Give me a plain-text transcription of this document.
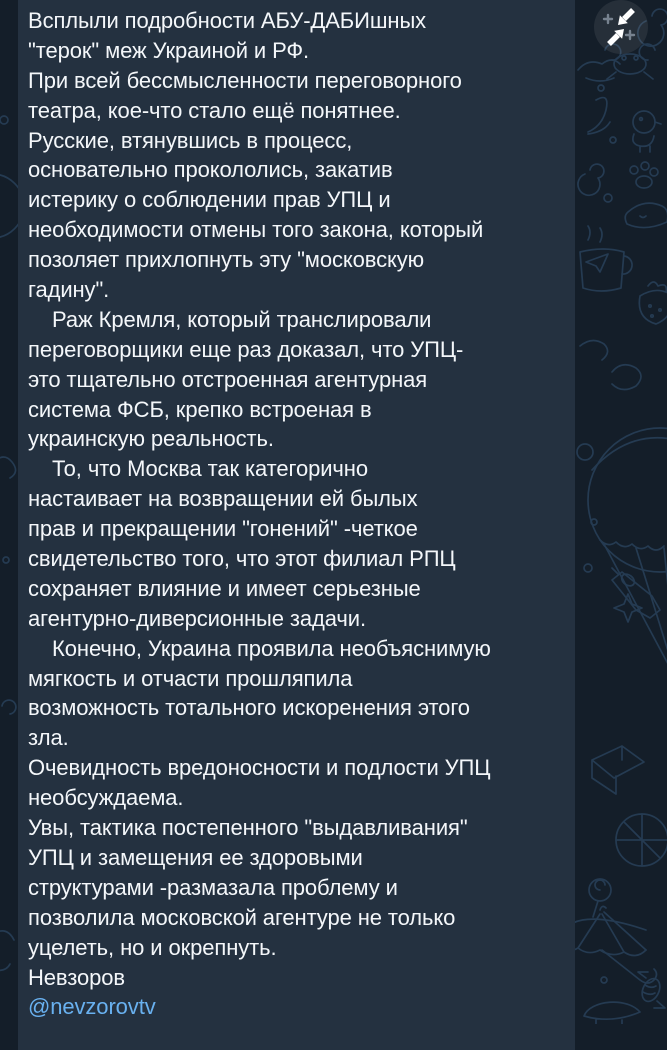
Всплыли подробности АБУ-ДАБИшных
"терок" меж Украиной и РФ.
При всей бессмысленности переговорного
театра, кое-что стало ещё понятнее.
Русские, втянувшись в процесс,
основательно прокололись, закатив
истерику о соблюдении прав УПЦ и
необходимости отмены того закона, который
позоляет прихлопнуть эту "московскую
гадину".
Раж Кремля, который транслировали
переговорщики еще раз доказал, что УПЦ-
это тщательно отстроенная агентурная
система ФСБ, крепко встроеная в
украинскую реальность.
То, что Москва так категорично
настаивает на возвращении ей былых
прав и прекращении "гонений" -четкое
свидетельство того, что этот филиал РПЦ
сохраняет влияние и имеет серьезные
агентурно-диверсионные задачи.
Конечно, Украина проявила необъяснимую
мягкость и отчасти прошляпила
возможность тотального искоренения этого
зла.
Очевидность вредоносности и подлости УПЦ
необсуждаема.
Увы, тактика постепенного "выдавливания"
УПЦ и замещения ее здоровыми
структурами -размазала проблему и
позволила московской агентуре не только
уцелеть, но и окрепнуть.
Невзоров
@nevzorovtv
